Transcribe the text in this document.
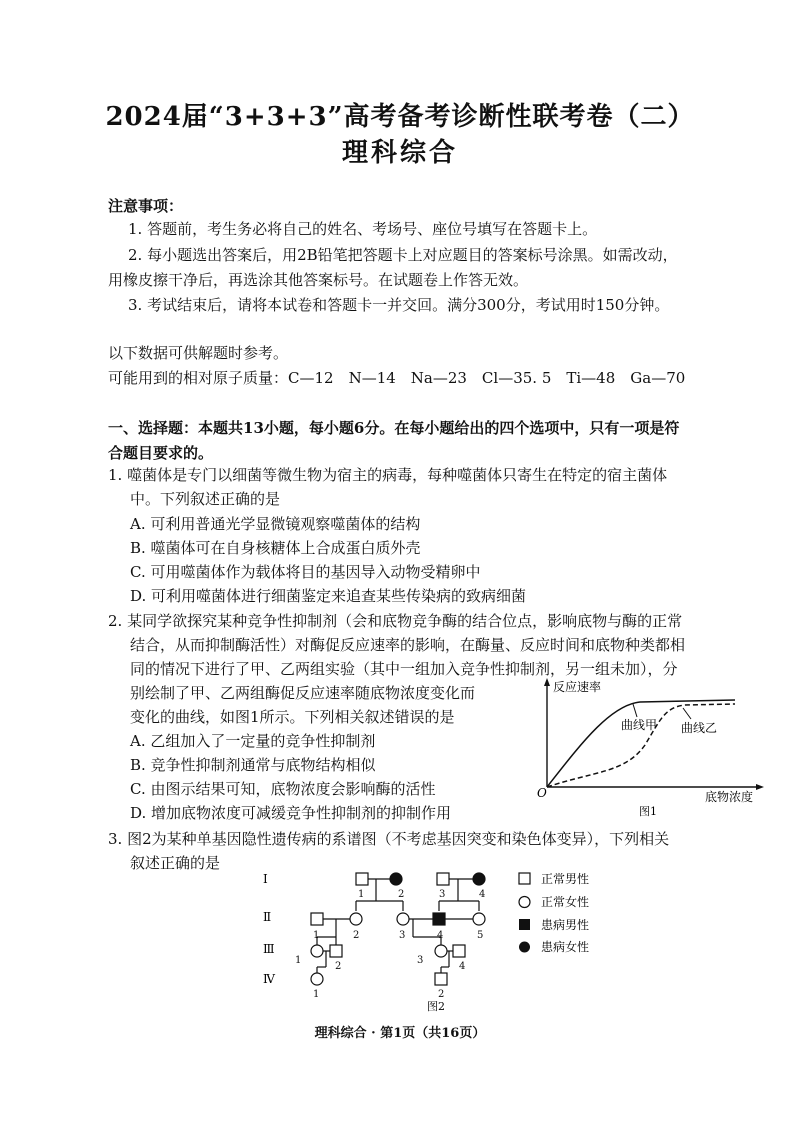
2024届“3+3+3”高考备考诊断性联考卷（二）
理科综合
注意事项：
1. 答题前，考生务必将自己的姓名、考场号、座位号填写在答题卡上。
2. 每小题选出答案后，用2B铅笔把答题卡上对应题目的答案标号涂黑。如需改动，
用橡皮擦干净后，再选涂其他答案标号。在试题卷上作答无效。
3. 考试结束后，请将本试卷和答题卡一并交回。满分300分，考试用时150分钟。
以下数据可供解题时参考。
可能用到的相对原子质量：C—12　N—14　Na—23　Cl—35. 5　Ti—48　Ga—70
一、选择题：本题共13小题，每小题6分。在每小题给出的四个选项中，只有一项是符
合题目要求的。
1. 噬菌体是专门以细菌等微生物为宿主的病毒，每种噬菌体只寄生在特定的宿主菌体
中。下列叙述正确的是
A. 可利用普通光学显微镜观察噬菌体的结构
B. 噬菌体可在自身核糖体上合成蛋白质外壳
C. 可用噬菌体作为载体将目的基因导入动物受精卵中
D. 可利用噬菌体进行细菌鉴定来追查某些传染病的致病细菌
2. 某同学欲探究某种竞争性抑制剂（会和底物竞争酶的结合位点，影响底物与酶的正常
结合，从而抑制酶活性）对酶促反应速率的影响，在酶量、反应时间和底物种类都相
同的情况下进行了甲、乙两组实验（其中一组加入竞争性抑制剂，另一组未加），分
别绘制了甲、乙两组酶促反应速率随底物浓度变化而
变化的曲线，如图1所示。下列相关叙述错误的是
A. 乙组加入了一定量的竞争性抑制剂
B. 竞争性抑制剂通常与底物结构相似
C. 由图示结果可知，底物浓度会影响酶的活性
D. 增加底物浓度可减缓竞争性抑制剂的抑制作用
反应速率
底物浓度
O
曲线甲 曲线乙
图1
3. 图2为某种单基因隐性遗传病的系谱图（不考虑基因突变和染色体变异），下列相关
叙述正确的是
Ⅰ
Ⅱ
Ⅲ
Ⅳ
1	2	3	4
1	2	3	4	5
1
2
3
4
1	2
正常男性
正常女性
患病男性
患病女性
图2
理科综合 · 第1页（共16页）
